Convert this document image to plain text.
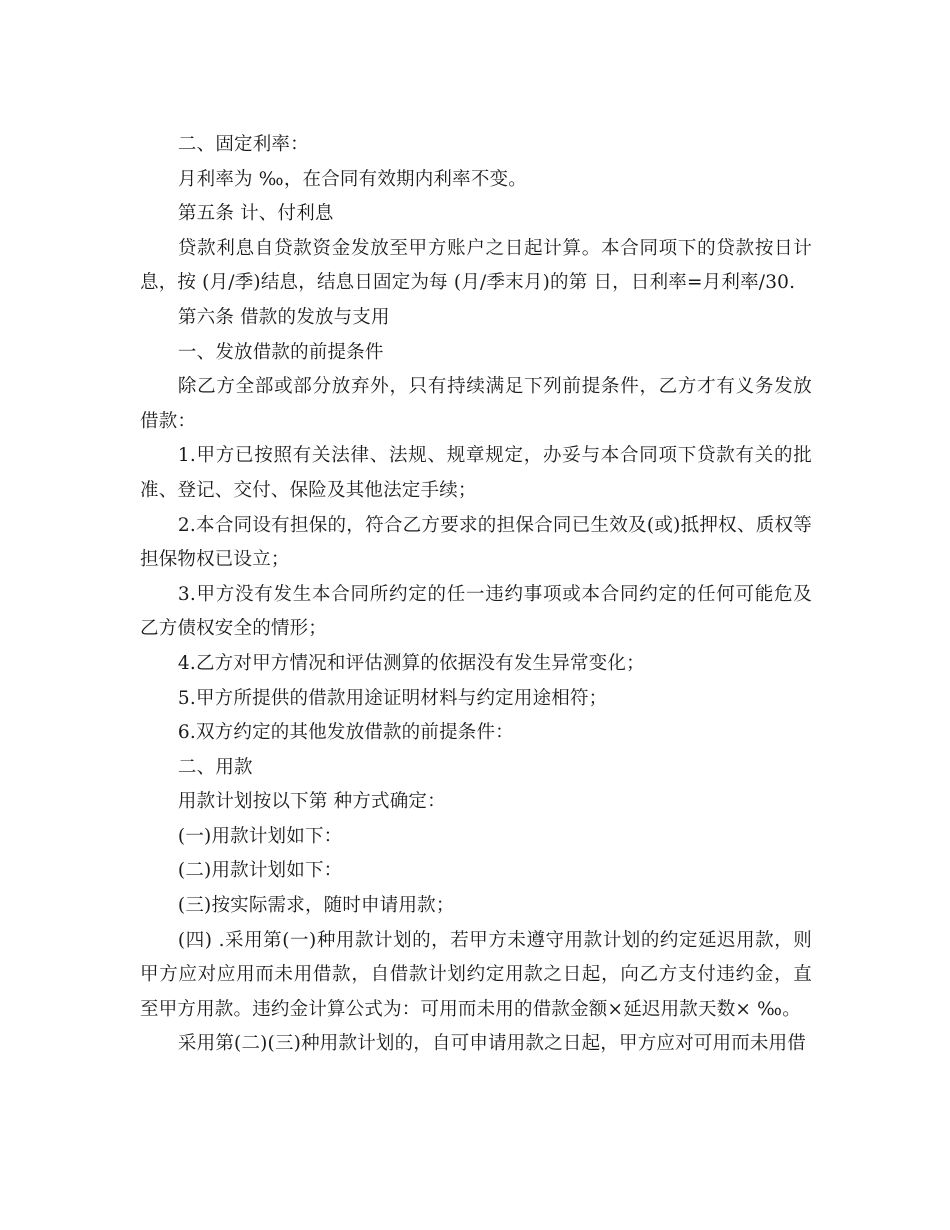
二、固定利率：

月利率为 ‰，在合同有效期内利率不变。

第五条 计、付利息

贷款利息自贷款资金发放至甲方账户之日起计算。本合同项下的贷款按日计息，按 (月/季)结息，结息日固定为每 (月/季末月)的第 日，日利率=月利率/30.

第六条 借款的发放与支用

一、发放借款的前提条件

除乙方全部或部分放弃外，只有持续满足下列前提条件，乙方才有义务发放借款：

1.甲方已按照有关法律、法规、规章规定，办妥与本合同项下贷款有关的批准、登记、交付、保险及其他法定手续；

2.本合同设有担保的，符合乙方要求的担保合同已生效及(或)抵押权、质权等担保物权已设立；

3.甲方没有发生本合同所约定的任一违约事项或本合同约定的任何可能危及乙方债权安全的情形；

4.乙方对甲方情况和评估测算的依据没有发生异常变化；

5.甲方所提供的借款用途证明材料与约定用途相符；

6.双方约定的其他发放借款的前提条件：

二、用款

用款计划按以下第 种方式确定：

(一)用款计划如下：

(二)用款计划如下：

(三)按实际需求，随时申请用款；

(四) .采用第(一)种用款计划的，若甲方未遵守用款计划的约定延迟用款，则甲方应对应用而未用借款，自借款计划约定用款之日起，向乙方支付违约金，直至甲方用款。违约金计算公式为：可用而未用的借款金额×延迟用款天数× ‰。

采用第(二)(三)种用款计划的，自可申请用款之日起，甲方应对可用而未用借
